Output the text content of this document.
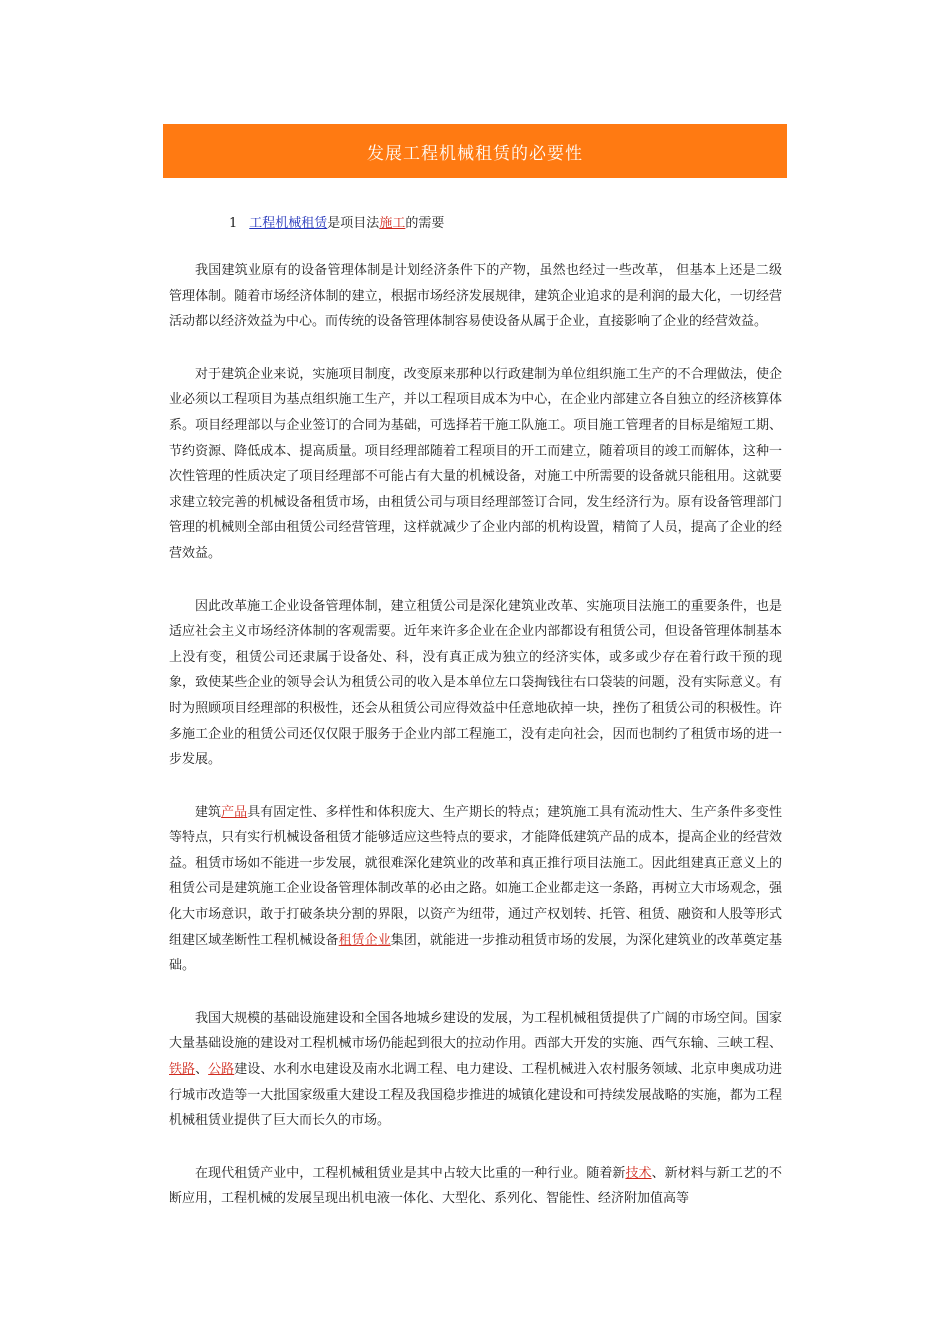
发展工程机械租赁的必要性
1 工程机械租赁是项目法施工的需要

我国建筑业原有的设备管理体制是计划经济条件下的产物，虽然也经过一些改革， 但基本上还是二级管理体制。随着市场经济体制的建立，根据市场经济发展规律，建筑企业追求的是利润的最大化，一切经营活动都以经济效益为中心。而传统的设备管理体制容易使设备从属于企业，直接影响了企业的经营效益。

对于建筑企业来说，实施项目制度，改变原来那种以行政建制为单位组织施工生产的不合理做法，使企业必须以工程项目为基点组织施工生产，并以工程项目成本为中心，在企业内部建立各自独立的经济核算体系。项目经理部以与企业签订的合同为基础，可选择若干施工队施工。项目施工管理者的目标是缩短工期、节约资源、降低成本、提高质量。项目经理部随着工程项目的开工而建立，随着项目的竣工而解体，这种一次性管理的性质决定了项目经理部不可能占有大量的机械设备，对施工中所需要的设备就只能租用。这就要求建立较完善的机械设备租赁市场，由租赁公司与项目经理部签订合同，发生经济行为。原有设备管理部门管理的机械则全部由租赁公司经营管理，这样就减少了企业内部的机构设置，精简了人员，提高了企业的经营效益。

因此改革施工企业设备管理体制，建立租赁公司是深化建筑业改革、实施项目法施工的重要条件，也是适应社会主义市场经济体制的客观需要。近年来许多企业在企业内部都设有租赁公司，但设备管理体制基本上没有变，租赁公司还隶属于设备处、科，没有真正成为独立的经济实体，或多或少存在着行政干预的现象，致使某些企业的领导会认为租赁公司的收入是本单位左口袋掏钱往右口袋装的问题，没有实际意义。有时为照顾项目经理部的积极性，还会从租赁公司应得效益中任意地砍掉一块，挫伤了租赁公司的积极性。许多施工企业的租赁公司还仅仅限于服务于企业内部工程施工，没有走向社会，因而也制约了租赁市场的进一步发展。

建筑产品具有固定性、多样性和体积庞大、生产期长的特点；建筑施工具有流动性大、生产条件多变性等特点，只有实行机械设备租赁才能够适应这些特点的要求，才能降低建筑产品的成本，提高企业的经营效益。租赁市场如不能进一步发展，就很难深化建筑业的改革和真正推行项目法施工。因此组建真正意义上的租赁公司是建筑施工企业设备管理体制改革的必由之路。如施工企业都走这一条路，再树立大市场观念，强化大市场意识，敢于打破条块分割的界限，以资产为纽带，通过产权划转、托管、租赁、融资和人股等形式组建区域垄断性工程机械设备租赁企业集团，就能进一步推动租赁市场的发展，为深化建筑业的改革奠定基础。

我国大规模的基础设施建设和全国各地城乡建设的发展，为工程机械租赁提供了广阔的市场空间。国家大量基础设施的建设对工程机械市场仍能起到很大的拉动作用。西部大开发的实施、西气东输、三峡工程、铁路、公路建设、水利水电建设及南水北调工程、电力建设、工程机械进入农村服务领域、北京申奥成功进行城市改造等一大批国家级重大建设工程及我国稳步推进的城镇化建设和可持续发展战略的实施，都为工程机械租赁业提供了巨大而长久的市场。

在现代租赁产业中，工程机械租赁业是其中占较大比重的一种行业。随着新技术、新材料与新工艺的不断应用，工程机械的发展呈现出机电液一体化、大型化、系列化、智能性、经济附加值高等
